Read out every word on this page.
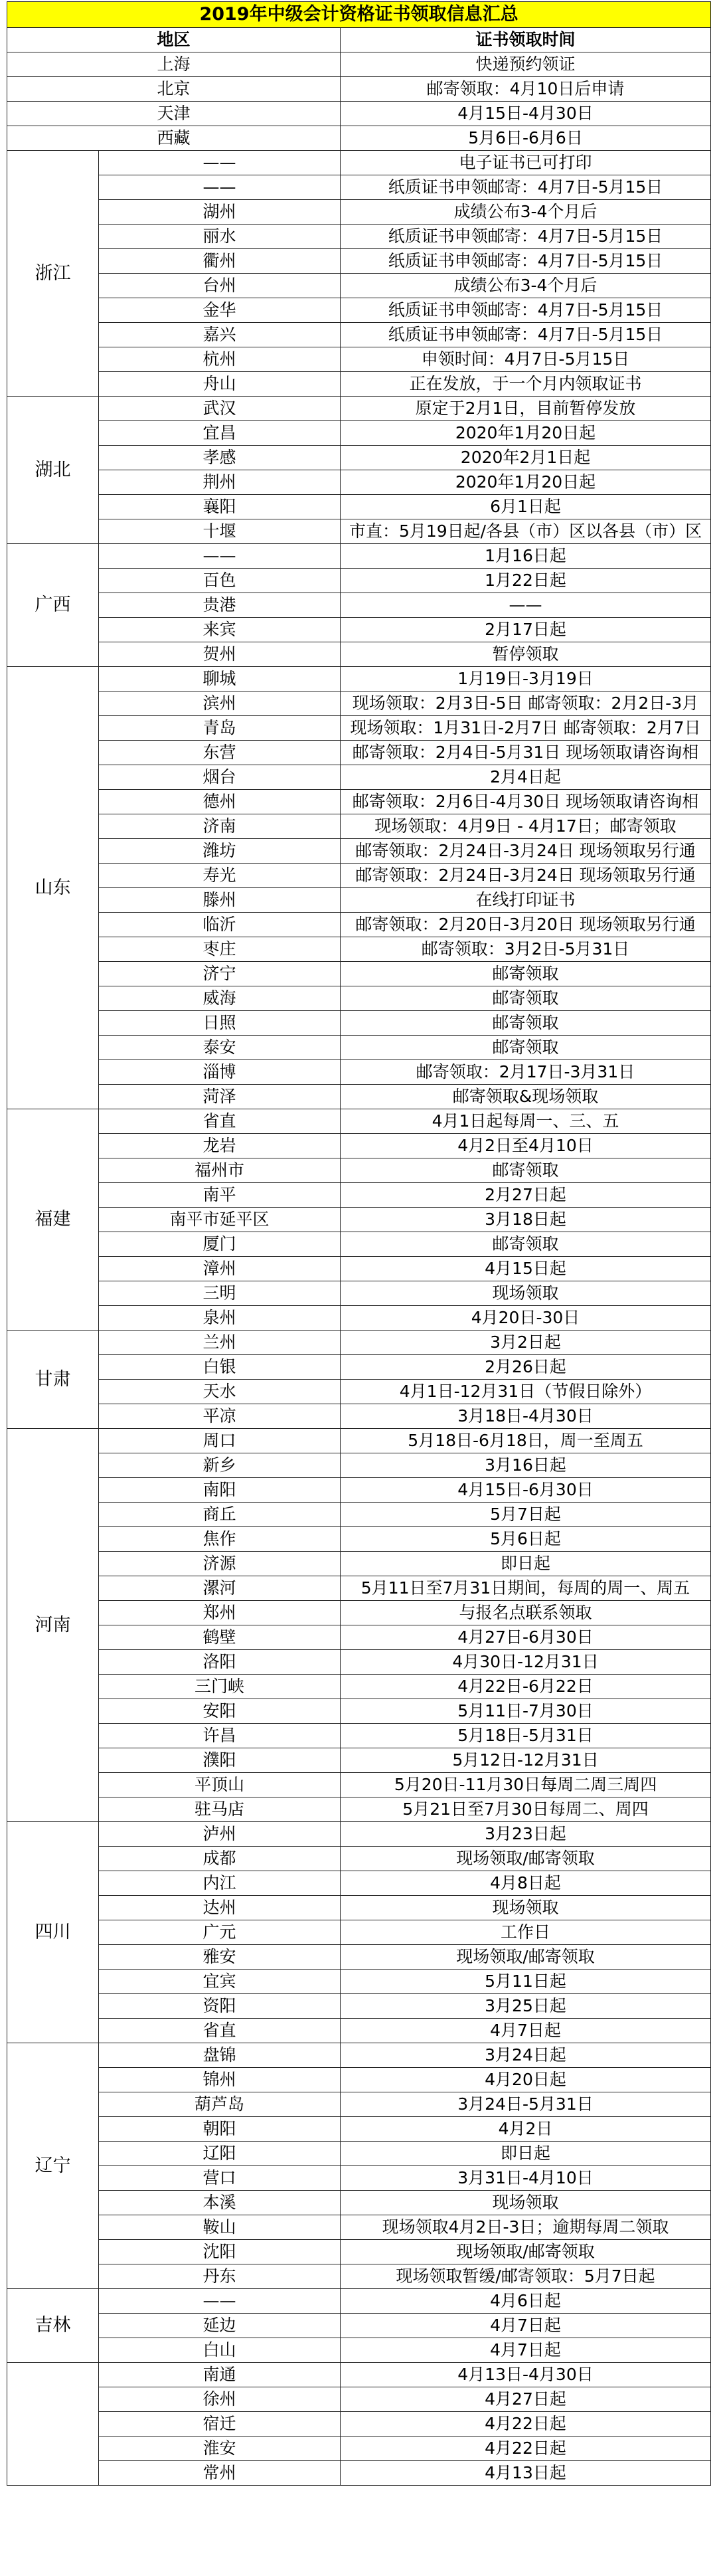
2019年中级会计资格证书领取信息汇总		
地区		证书领取时间
上海		快递预约领证
北京		邮寄领取：4月10日后申请
天津		4月15日-4月30日
西藏		5月6日-6月6日
浙江	——	电子证书已可打印
	——	纸质证书申领邮寄：4月7日-5月15日
	湖州	成绩公布3-4个月后
	丽水	纸质证书申领邮寄：4月7日-5月15日
	衢州	纸质证书申领邮寄：4月7日-5月15日
	台州	成绩公布3-4个月后
	金华	纸质证书申领邮寄：4月7日-5月15日
	嘉兴	纸质证书申领邮寄：4月7日-5月15日
	杭州	申领时间：4月7日-5月15日
	舟山	正在发放，于一个月内领取证书
湖北	武汉	原定于2月1日，目前暂停发放
	宜昌	2020年1月20日起
	孝感	2020年2月1日起
	荆州	2020年1月20日起
	襄阳	6月1日起
	十堰	市直：5月19日起/各县（市）区以各县（市）区
广西	——	1月16日起
	百色	1月22日起
	贵港	——
	来宾	2月17日起
	贺州	暂停领取
山东	聊城	1月19日-3月19日
	滨州	现场领取：2月3日-5日 邮寄领取：2月2日-3月
	青岛	现场领取：1月31日-2月7日 邮寄领取：2月7日
	东营	邮寄领取：2月4日-5月31日 现场领取请咨询相
	烟台	2月4日起
	德州	邮寄领取：2月6日-4月30日 现场领取请咨询相
	济南	现场领取：4月9日 - 4月17日；邮寄领取
	潍坊	邮寄领取：2月24日-3月24日 现场领取另行通
	寿光	邮寄领取：2月24日-3月24日 现场领取另行通
	滕州	在线打印证书
	临沂	邮寄领取：2月20日-3月20日 现场领取另行通
	枣庄	邮寄领取：3月2日-5月31日
	济宁	邮寄领取
	威海	邮寄领取
	日照	邮寄领取
	泰安	邮寄领取
	淄博	邮寄领取：2月17日-3月31日
	菏泽	邮寄领取&现场领取
福建	省直	4月1日起每周一、三、五
	龙岩	4月2日至4月10日
	福州市	邮寄领取
	南平	2月27日起
	南平市延平区	3月18日起
	厦门	邮寄领取
	漳州	4月15日起
	三明	现场领取
	泉州	4月20日-30日
甘肃	兰州	3月2日起
	白银	2月26日起
	天水	4月1日-12月31日（节假日除外）
	平凉	3月18日-4月30日
河南	周口	5月18日-6月18日，周一至周五
	新乡	3月16日起
	南阳	4月15日-6月30日
	商丘	5月7日起
	焦作	5月6日起
	济源	即日起
	漯河	5月11日至7月31日期间，每周的周一、周五
	郑州	与报名点联系领取
	鹤壁	4月27日-6月30日
	洛阳	4月30日-12月31日
	三门峡	4月22日-6月22日
	安阳	5月11日-7月30日
	许昌	5月18日-5月31日
	濮阳	5月12日-12月31日
	平顶山	5月20日-11月30日每周二周三周四
	驻马店	5月21日至7月30日每周二、周四
四川	泸州	3月23日起
	成都	现场领取/邮寄领取
	内江	4月8日起
	达州	现场领取
	广元	工作日
	雅安	现场领取/邮寄领取
	宜宾	5月11日起
	资阳	3月25日起
	省直	4月7日起
辽宁	盘锦	3月24日起
	锦州	4月20日起
	葫芦岛	3月24日-5月31日
	朝阳	4月2日
	辽阳	即日起
	营口	3月31日-4月10日
	本溪	现场领取
	鞍山	现场领取4月2日-3日；逾期每周二领取
	沈阳	现场领取/邮寄领取
	丹东	现场领取暂缓/邮寄领取：5月7日起
吉林	——	4月6日起
	延边	4月7日起
	白山	4月7日起
	南通	4月13日-4月30日
	徐州	4月27日起
	宿迁	4月22日起
	淮安	4月22日起
	常州	4月13日起
